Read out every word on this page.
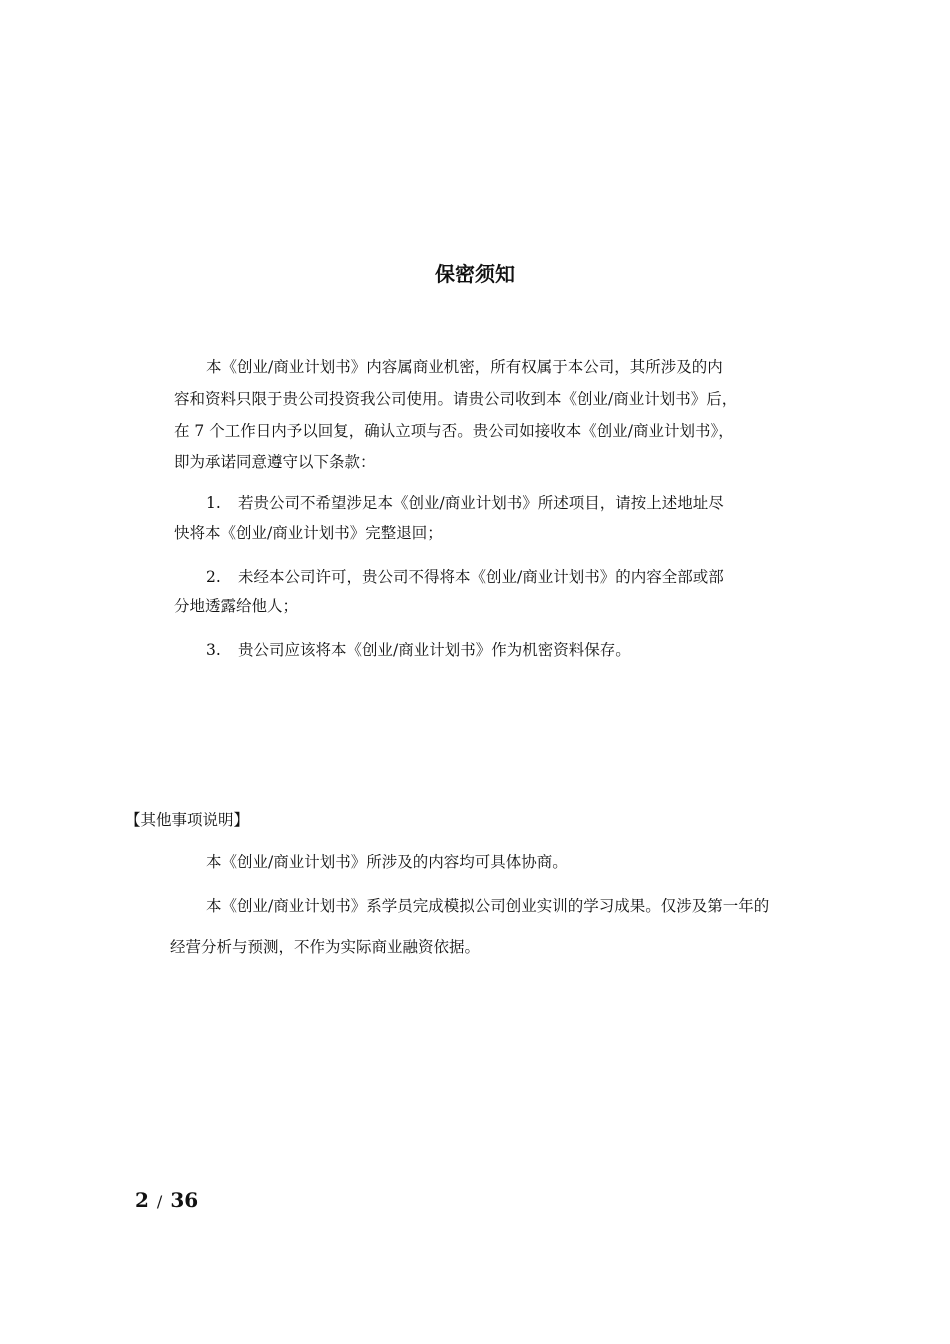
保密须知
本《创业/商业计划书》内容属商业机密，所有权属于本公司，其所涉及的内
容和资料只限于贵公司投资我公司使用。请贵公司收到本《创业/商业计划书》后，
在 7 个工作日内予以回复，确认立项与否。贵公司如接收本《创业/商业计划书》，
即为承诺同意遵守以下条款：
1. 若贵公司不希望涉足本《创业/商业计划书》所述项目，请按上述地址尽
快将本《创业/商业计划书》完整退回；
2. 未经本公司许可，贵公司不得将本《创业/商业计划书》的内容全部或部
分地透露给他人；
3. 贵公司应该将本《创业/商业计划书》作为机密资料保存。
【其他事项说明】
本《创业/商业计划书》所涉及的内容均可具体协商。
本《创业/商业计划书》系学员完成模拟公司创业实训的学习成果。仅涉及第一年的
经营分析与预测，不作为实际商业融资依据。
2 / 36
